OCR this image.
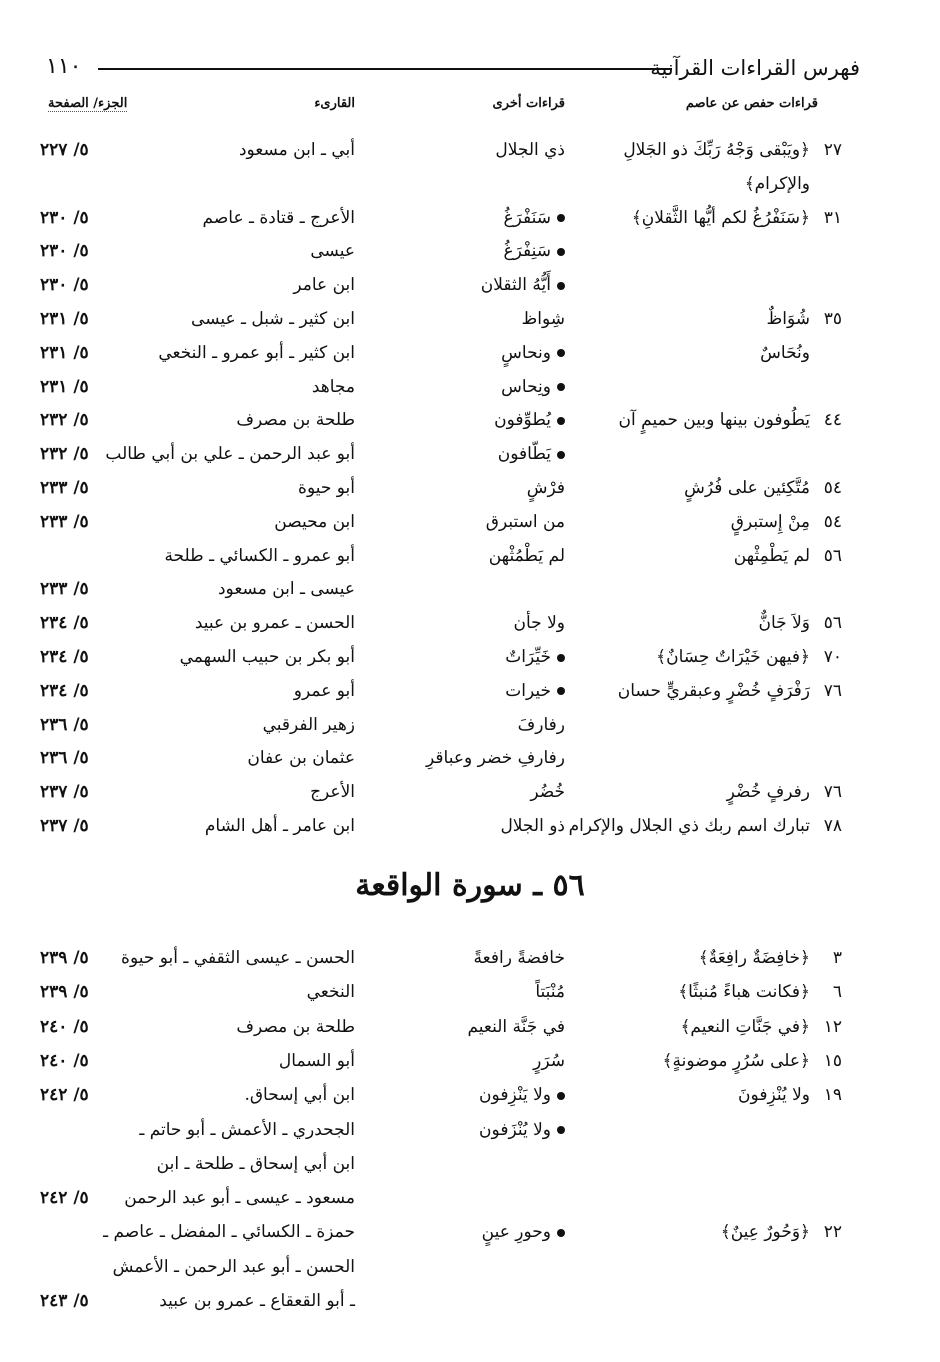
١١٠	فهرس القراءات القرآنية
قراءات حفص عن عاصم
قراءات أخرى
القارىء
الجزء/ الصفحة
٢٧
﴿ويَبْقى وَجْهُ رَبِّكَ ذو الجَلالِ
ذي الجلال
أبي ـ ابن مسعود
٥/ ٢٢٧
والإكرام﴾
٣١
﴿سَنَفْرُغُ لكم أيُّها الثَّقلانِ﴾
سَنَفْرَغُ
الأعرج ـ قتادة ـ عاصم
٥/ ٢٣٠
سَنِفْرَغُ
عيسى
٥/ ٢٣٠
أَيُّهُ الثقلان
ابن عامر
٥/ ٢٣٠
٣٥
شُوَاظٌ
شِواظ
ابن كثير ـ شبل ـ عيسى
٥/ ٢٣١
ونُحَاسٌ
ونحاسٍ
ابن كثير ـ أبو عمرو ـ النخعي
٥/ ٢٣١
ونِحاس
مجاهد
٥/ ٢٣١
٤٤
يَطُوفون بينها وبين حميمٍ آن
يُطوِّفون
طلحة بن مصرف
٥/ ٢٣٢
يَطّافون
أبو عبد الرحمن ـ علي بن أبي طالب
٥/ ٢٣٢
٥٤
مُتَّكِئين على فُرُشٍ
فرْشٍ
أبو حيوة
٥/ ٢٣٣
٥٤
مِنْ إِستبرقٍ
من استبرق
ابن محيصن
٥/ ٢٣٣
٥٦
لم يَطْمِثْهن
لم يَطْمُثْهن
أبو عمرو ـ الكسائي ـ طلحة
عيسى ـ ابن مسعود
٥/ ٢٣٣
٥٦
وَلاَ جَانٌّ
ولا جأن
الحسن ـ عمرو بن عبيد
٥/ ٢٣٤
٧٠
﴿فيهن خَيْرَاتٌ حِسَانٌ﴾
خَيِّرَاتٌ
أبو بكر بن حبيب السهمي
٥/ ٢٣٤
٧٦
رَفْرَفٍ خُضْرٍ وعبقريٍّ حسان
خيرات
أبو عمرو
٥/ ٢٣٤
رفارفَ
زهير الفرقبي
٥/ ٢٣٦
رفارفِ خضر وعباقرِ
عثمان بن عفان
٥/ ٢٣٦
٧٦
رفرفٍ خُضْرٍ
خُضُر
الأعرج
٥/ ٢٣٧
٧٨
تبارك اسم ربك ذي الجلال والإكرام
ذو الجلال
ابن عامر ـ أهل الشام
٥/ ٢٣٧
٥٦ ـ سورة الواقعة
٣
﴿خافِضَةٌ رافِعَةٌ﴾
خافضةً رافعةً
الحسن ـ عيسى الثقفي ـ أبو حيوة
٥/ ٢٣٩
٦
﴿فكانت هباءً مُنبثًا﴾
مُنْبَتاً
النخعي
٥/ ٢٣٩
١٢
﴿في جَنَّاتِ النعيم﴾
في جَنَّة النعيم
طلحة بن مصرف
٥/ ٢٤٠
١٥
﴿على سُرُرٍ موضونةٍ﴾
سُرَرٍ
أبو السمال
٥/ ٢٤٠
١٩
ولا يُنْزِفونَ
ولا يَنْزِفون
ابن أبي إسحاق.
٥/ ٢٤٢
ولا يُنْزَفون
الجحدري ـ الأعمش ـ أبو حاتم ـ
ابن أبي إسحاق ـ طلحة ـ ابن
مسعود ـ عيسى ـ أبو عبد الرحمن
٥/ ٢٤٢
٢٢
﴿وَحُورٌ عِينٌ﴾
وحورِ عينٍ
حمزة ـ الكسائي ـ المفضل ـ عاصم ـ
الحسن ـ أبو عبد الرحمن ـ الأعمش
ـ أبو القعقاع ـ عمرو بن عبيد
٥/ ٢٤٣
